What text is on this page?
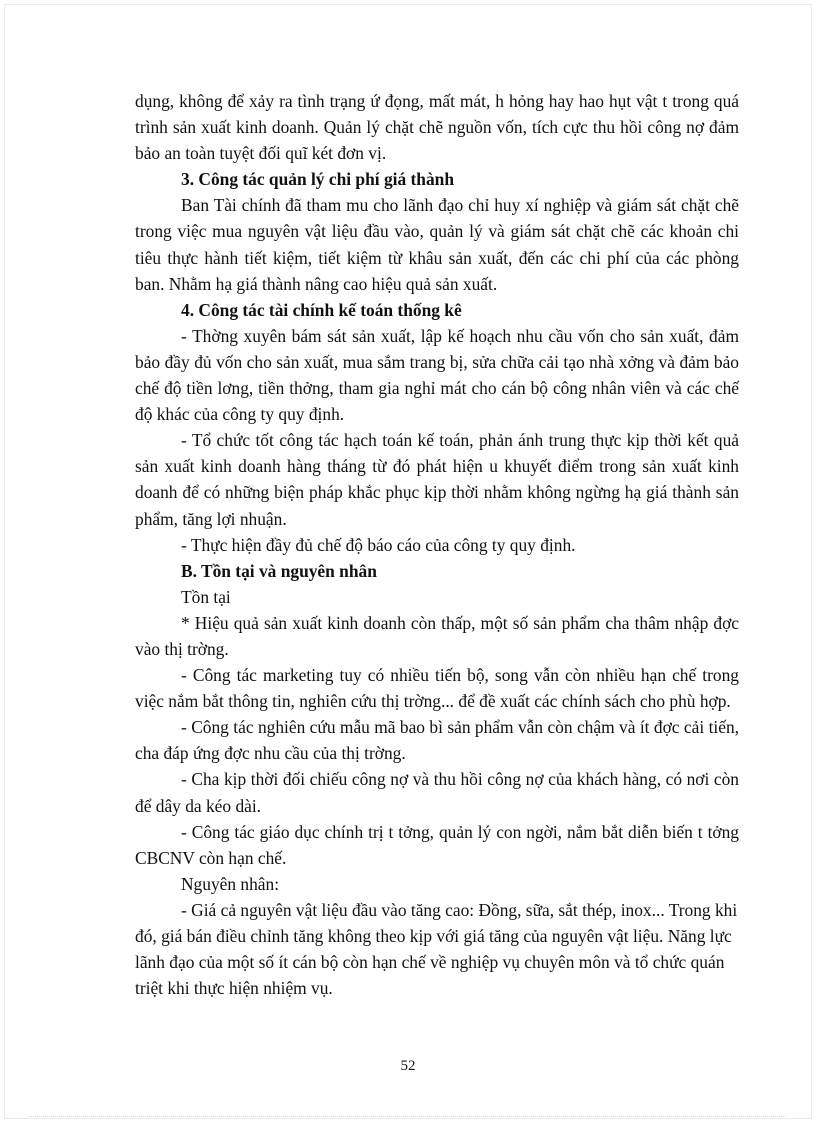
dụng, không để xảy ra tình trạng ứ đọng, mất mát, h hỏng hay hao hụt vật t trong quá trình sản xuất kinh doanh. Quản lý chặt chẽ nguồn vốn, tích cực thu hồi công nợ đảm bảo an toàn tuyệt đối quĩ két đơn vị.

3. Công tác quản lý chi phí giá thành

Ban Tài chính đã tham mu cho lãnh đạo chỉ huy xí nghiệp và giám sát chặt chẽ trong việc mua nguyên vật liệu đầu vào, quản lý và giám sát chặt chẽ các khoản chi tiêu thực hành tiết kiệm, tiết kiệm từ khâu sản xuất, đến các chi phí của các phòng ban. Nhằm hạ giá thành nâng cao hiệu quả sản xuất.

4. Công tác tài chính kế toán thống kê

- Thờng xuyên bám sát sản xuất, lập kế hoạch nhu cầu vốn cho sản xuất, đảm bảo đầy đủ vốn cho sản xuất, mua sắm trang bị, sửa chữa cải tạo nhà xởng và đảm bảo chế độ tiền lơng, tiền thởng, tham gia nghỉ mát cho cán bộ công nhân viên và các chế độ khác của công ty quy định.

- Tổ chức tốt công tác hạch toán kế toán, phản ánh trung thực kịp thời kết quả sản xuất kinh doanh hàng tháng từ đó phát hiện u khuyết điểm trong sản xuất kinh doanh để có những biện pháp khắc phục kịp thời nhằm không ngừng hạ giá thành sản phẩm, tăng lợi nhuận.

- Thực hiện đầy đủ chế độ báo cáo của công ty quy định.

B. Tồn tại và nguyên nhân

Tồn tại

* Hiệu quả sản xuất kinh doanh còn thấp, một số sản phẩm cha thâm nhập đợc vào thị trờng.

- Công tác marketing tuy có nhiều tiến bộ, song vẫn còn nhiều hạn chế trong việc nắm bắt thông tin, nghiên cứu thị trờng... để đề xuất các chính sách cho phù hợp.

- Công tác nghiên cứu mẫu mã bao bì sản phẩm vẫn còn chậm và ít đợc cải tiến, cha đáp ứng đợc nhu cầu của thị trờng.

- Cha kịp thời đối chiếu công nợ và thu hồi công nợ của khách hàng, có nơi còn để dây da kéo dài.

- Công tác giáo dục chính trị t tởng, quản lý con ngời, nắm bắt diễn biến t tởng CBCNV còn hạn chế.

Nguyên nhân:

- Giá cả nguyên vật liệu đầu vào tăng cao: Đồng, sữa, sắt thép, inox... Trong khi đó, giá bán điều chỉnh tăng không theo kịp với giá tăng của nguyên vật liệu. Năng lực lãnh đạo của một số ít cán bộ còn hạn chế về nghiệp vụ chuyên môn và tổ chức quán triệt khi thực hiện nhiệm vụ.

52
